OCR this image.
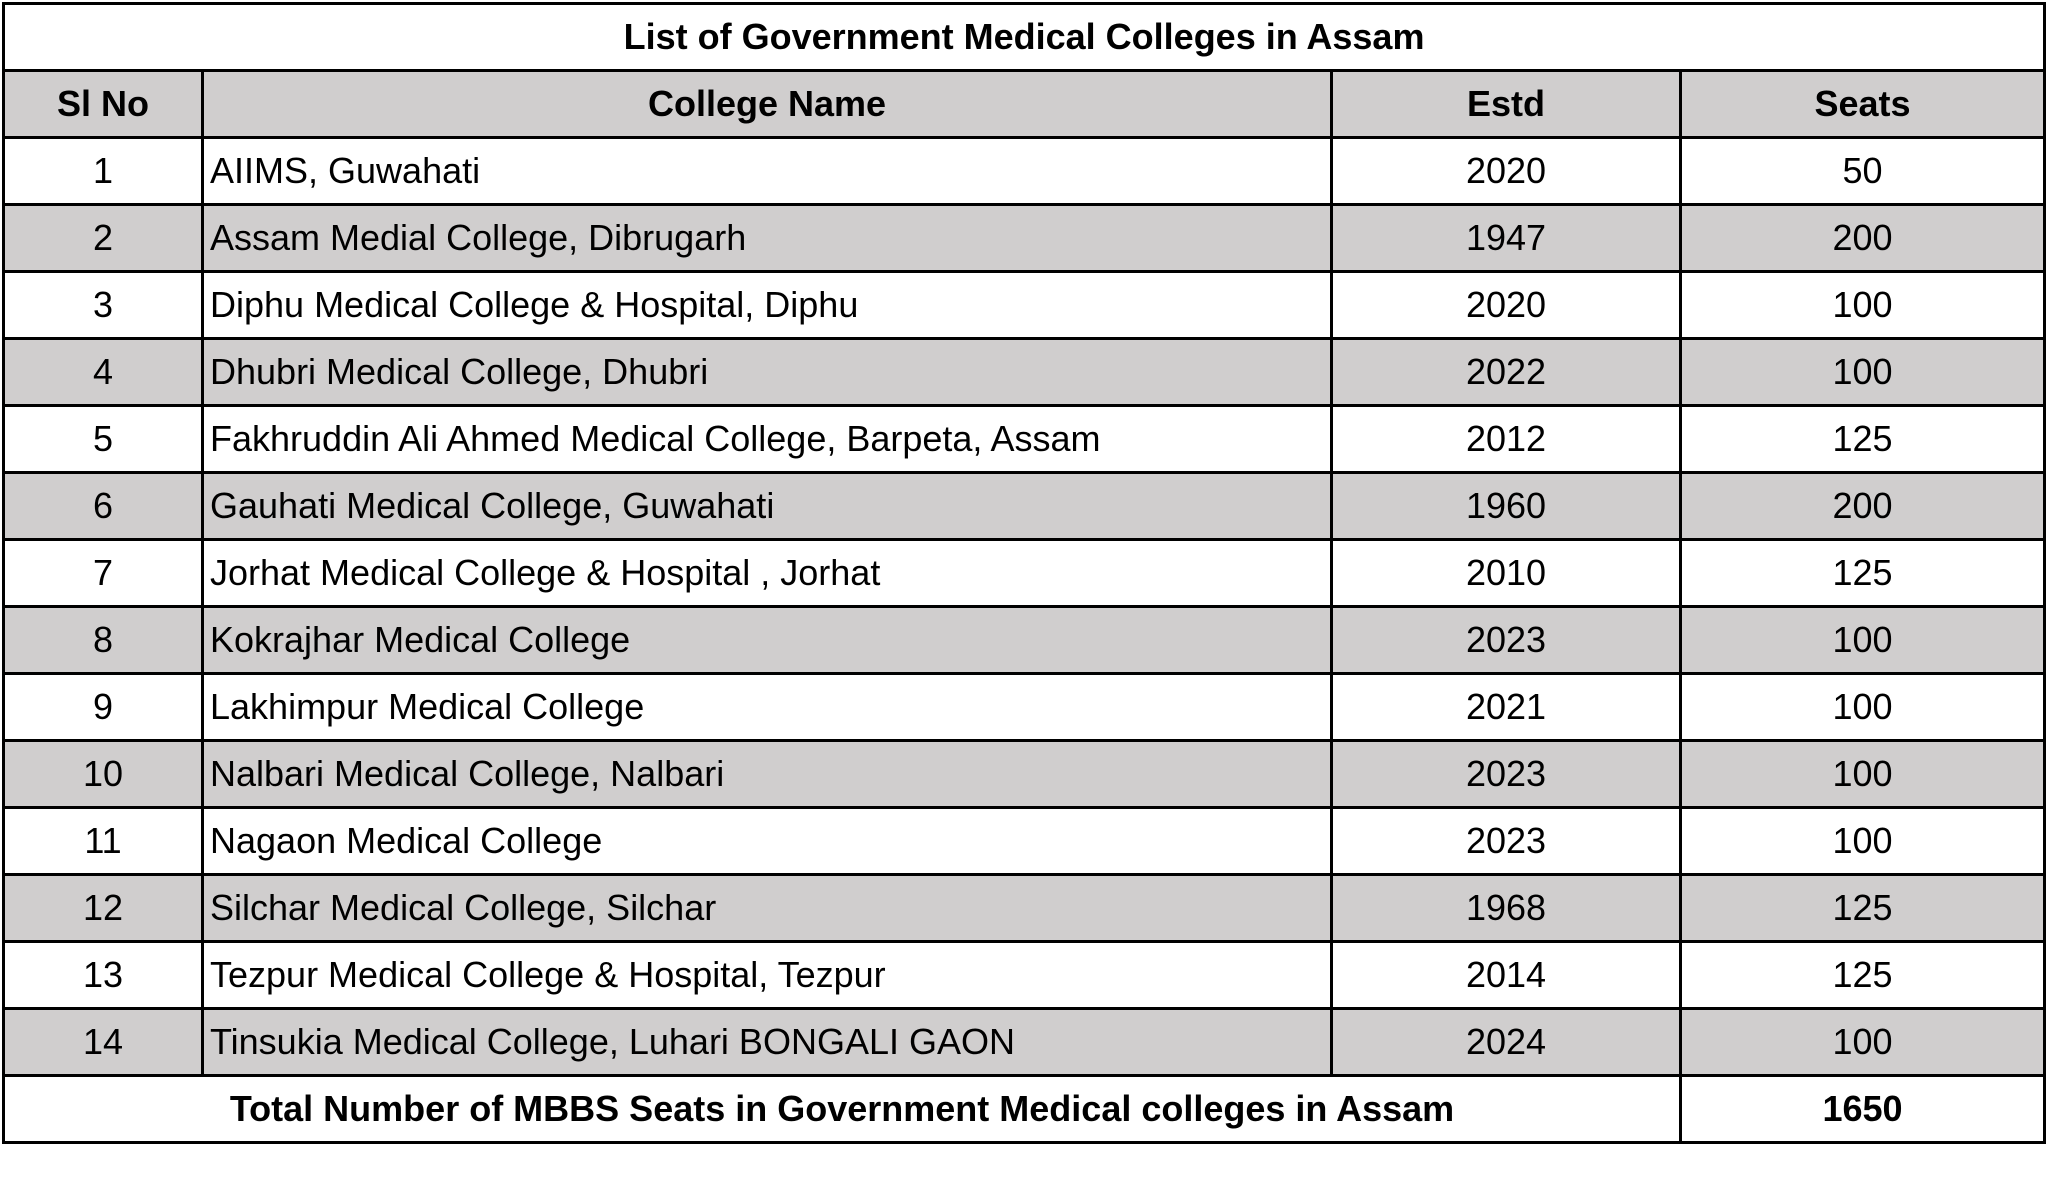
List of Government Medical Colleges in Assam			
Sl No	College Name	Estd	Seats
1	AIIMS, Guwahati	2020	50
2	Assam Medial College, Dibrugarh	1947	200
3	Diphu Medical College & Hospital, Diphu	2020	100
4	Dhubri Medical College, Dhubri	2022	100
5	Fakhruddin Ali Ahmed Medical College, Barpeta, Assam	2012	125
6	Gauhati Medical College, Guwahati	1960	200
7	Jorhat Medical College & Hospital , Jorhat	2010	125
8	Kokrajhar Medical College	2023	100
9	Lakhimpur Medical College	2021	100
10	Nalbari Medical College, Nalbari	2023	100
11	Nagaon Medical College	2023	100
12	Silchar Medical College, Silchar	1968	125
13	Tezpur Medical College & Hospital, Tezpur	2014	125
14	Tinsukia Medical College, Luhari BONGALI GAON	2024	100
Total Number of MBBS Seats in Government Medical colleges in Assam			1650
